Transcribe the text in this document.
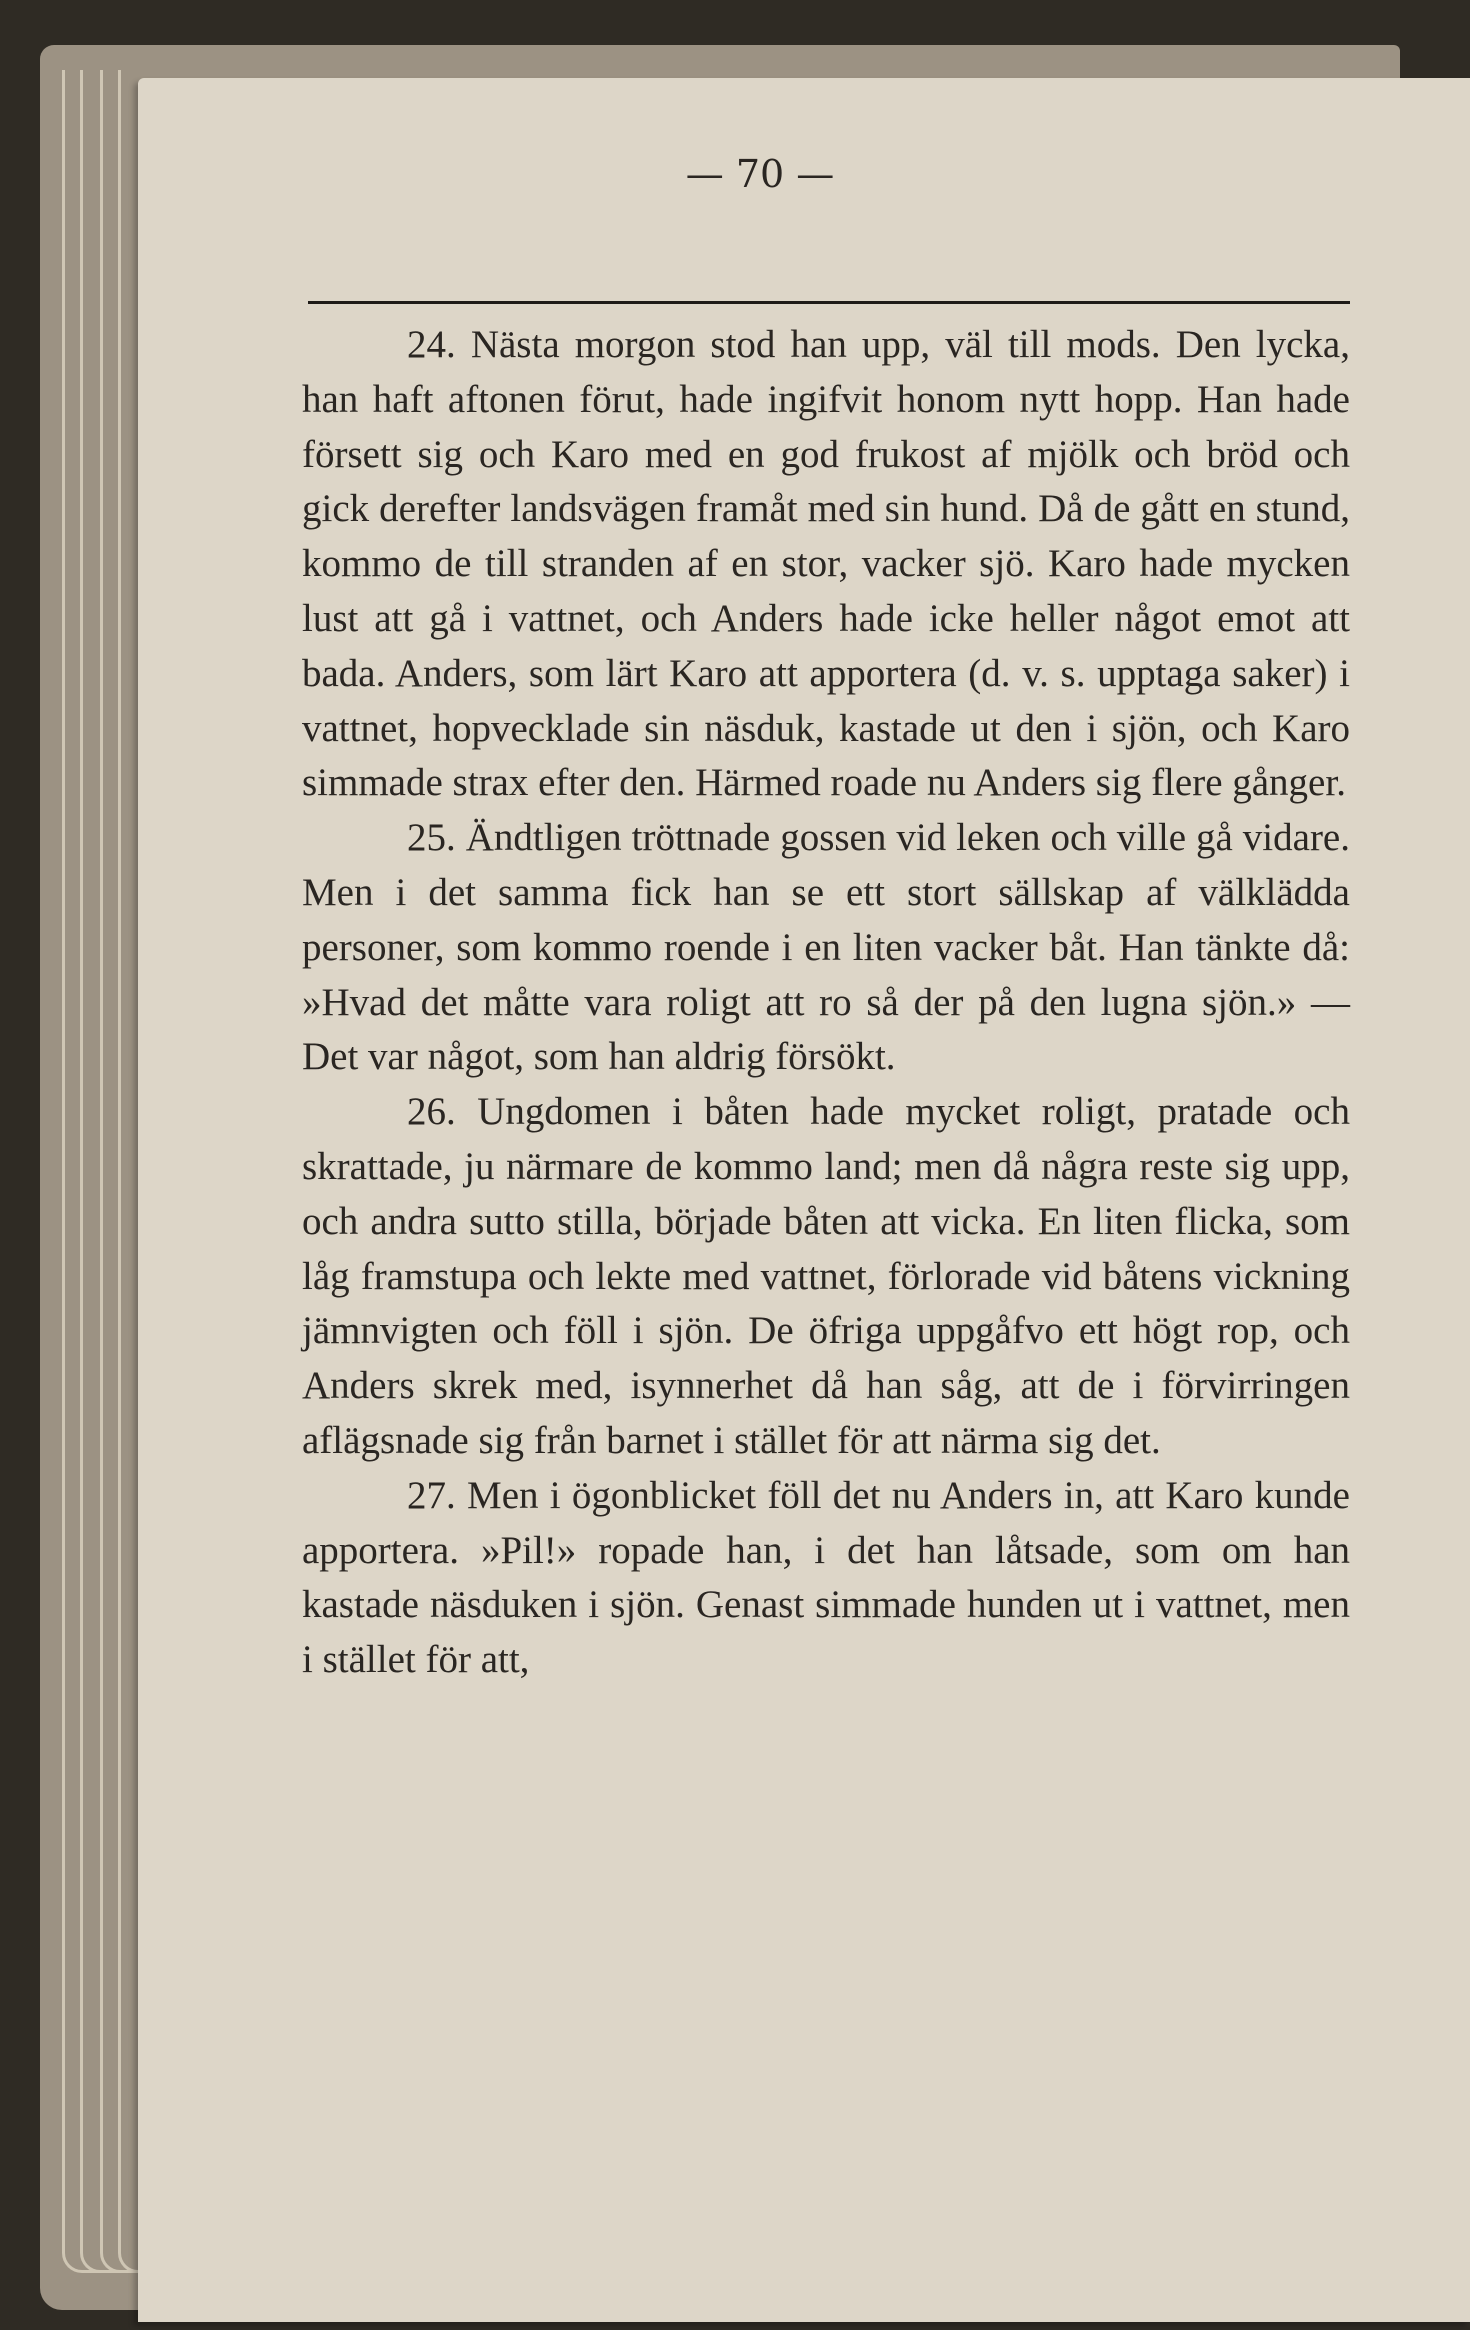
— 70 —

24. Nästa morgon stod han upp, väl till mods. Den lycka, han haft aftonen förut, hade ingifvit honom nytt hopp. Han hade försett sig och Karo med en god frukost af mjölk och bröd och gick derefter landsvägen framåt med sin hund. Då de gått en stund, kommo de till stranden af en stor, vacker sjö. Karo hade mycken lust att gå i vattnet, och Anders hade icke heller något emot att bada. Anders, som lärt Karo att apportera (d. v. s. upptaga saker) i vattnet, hopvecklade sin näsduk, kastade ut den i sjön, och Karo simmade strax efter den. Härmed roade nu Anders sig flere gånger.

25. Ändtligen tröttnade gossen vid leken och ville gå vidare. Men i det samma fick han se ett stort sällskap af välklädda personer, som kommo roende i en liten vacker båt. Han tänkte då: »Hvad det måtte vara roligt att ro så der på den lugna sjön.» — Det var något, som han aldrig försökt.

26. Ungdomen i båten hade mycket roligt, pratade och skrattade, ju närmare de kommo land; men då några reste sig upp, och andra sutto stilla, började båten att vicka. En liten flicka, som låg framstupa och lekte med vattnet, förlorade vid båtens vickning jämnvigten och föll i sjön. De öfriga uppgåfvo ett högt rop, och Anders skrek med, isynnerhet då han såg, att de i förvirringen aflägsnade sig från barnet i stället för att närma sig det.

27. Men i ögonblicket föll det nu Anders in, att Karo kunde apportera. »Pil!» ropade han, i det han låtsade, som om han kastade näsduken i sjön. Genast simmade hunden ut i vattnet, men i stället för att,
